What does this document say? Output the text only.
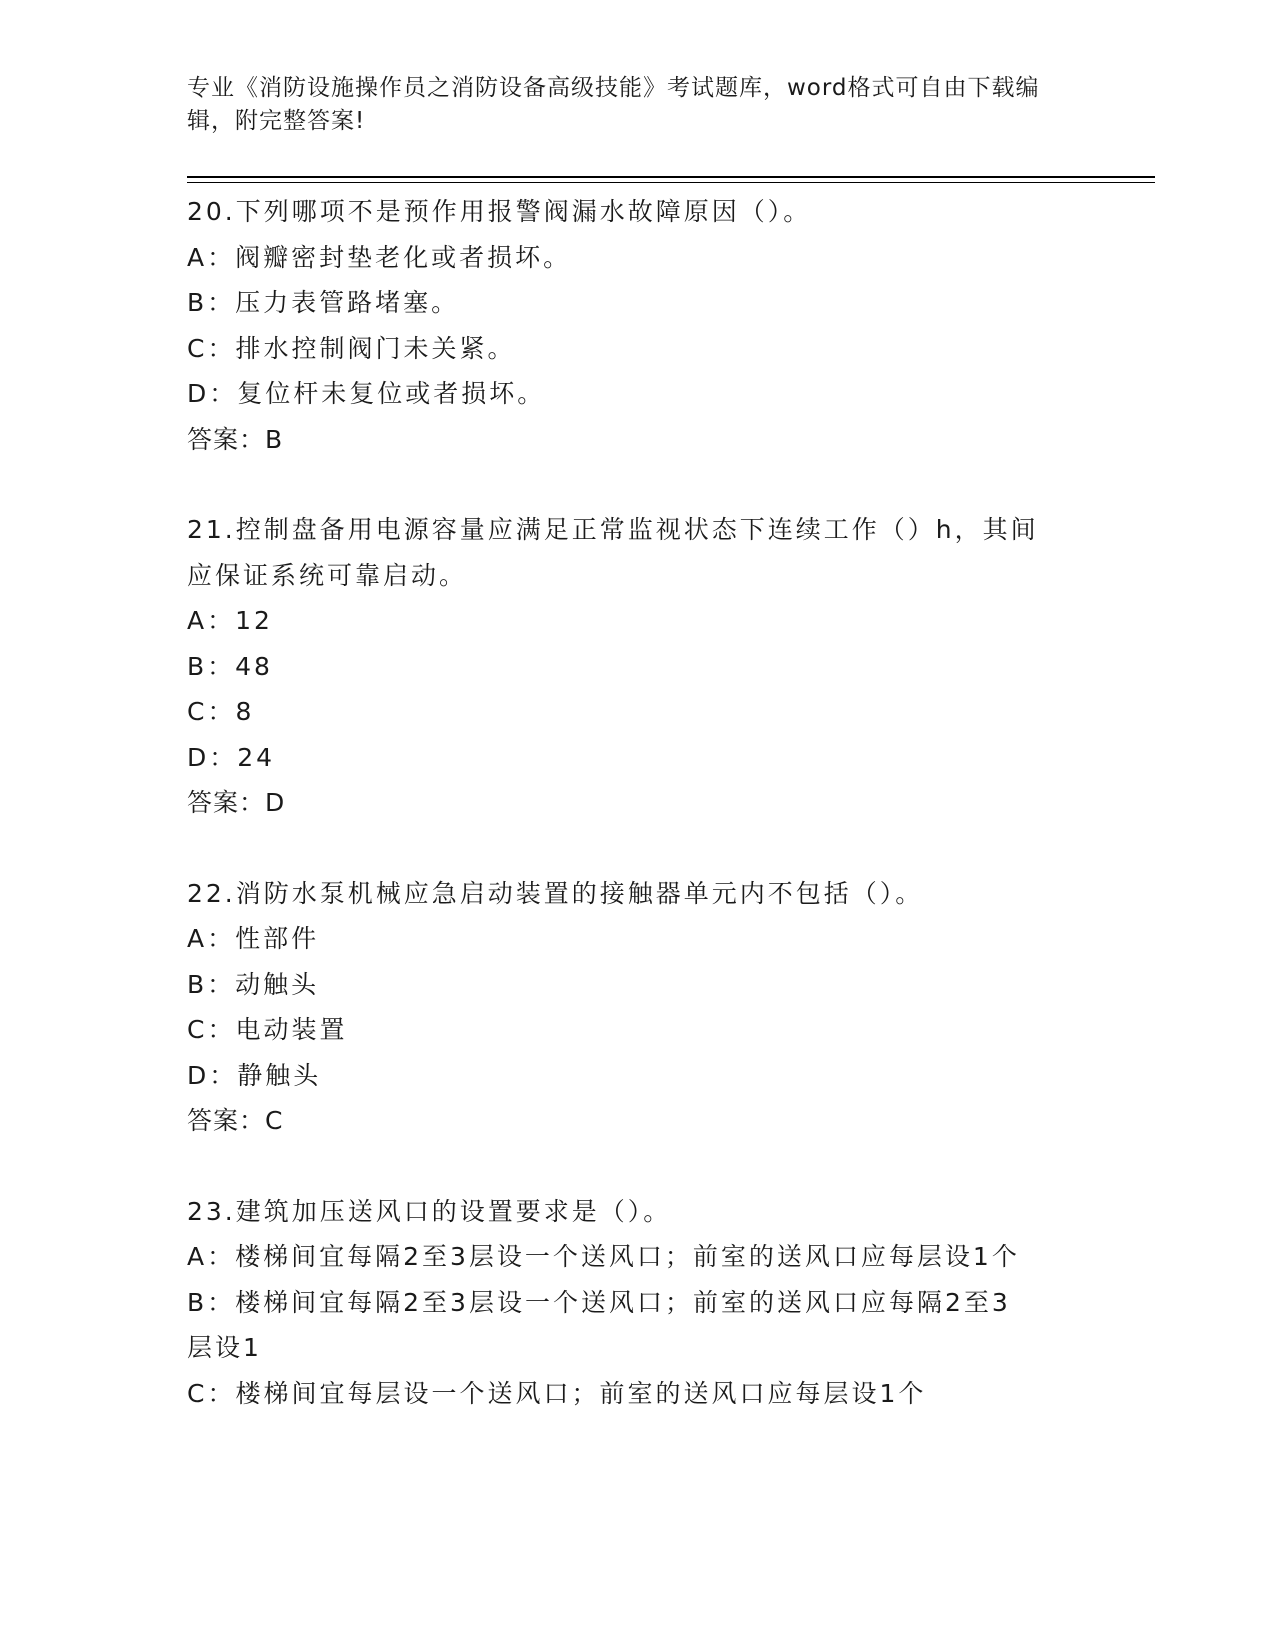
专业《消防设施操作员之消防设备高级技能》考试题库，word格式可自由下载编
辑，附完整答案!

20.下列哪项不是预作用报警阀漏水故障原因（）。

A：阀瓣密封垫老化或者损坏。

B：压力表管路堵塞。

C：排水控制阀门未关紧。

D：复位杆未复位或者损坏。

答案：B

21.控制盘备用电源容量应满足正常监视状态下连续工作（）h，其间

应保证系统可靠启动。

A：12

B：48

C：8

D：24

答案：D

22.消防水泵机械应急启动装置的接触器单元内不包括（）。

A：性部件

B：动触头

C：电动装置

D：静触头

答案：C

23.建筑加压送风口的设置要求是（）。

A：楼梯间宜每隔2至3层设一个送风口；前室的送风口应每层设1个

B：楼梯间宜每隔2至3层设一个送风口；前室的送风口应每隔2至3

层设1

C：楼梯间宜每层设一个送风口；前室的送风口应每层设1个
